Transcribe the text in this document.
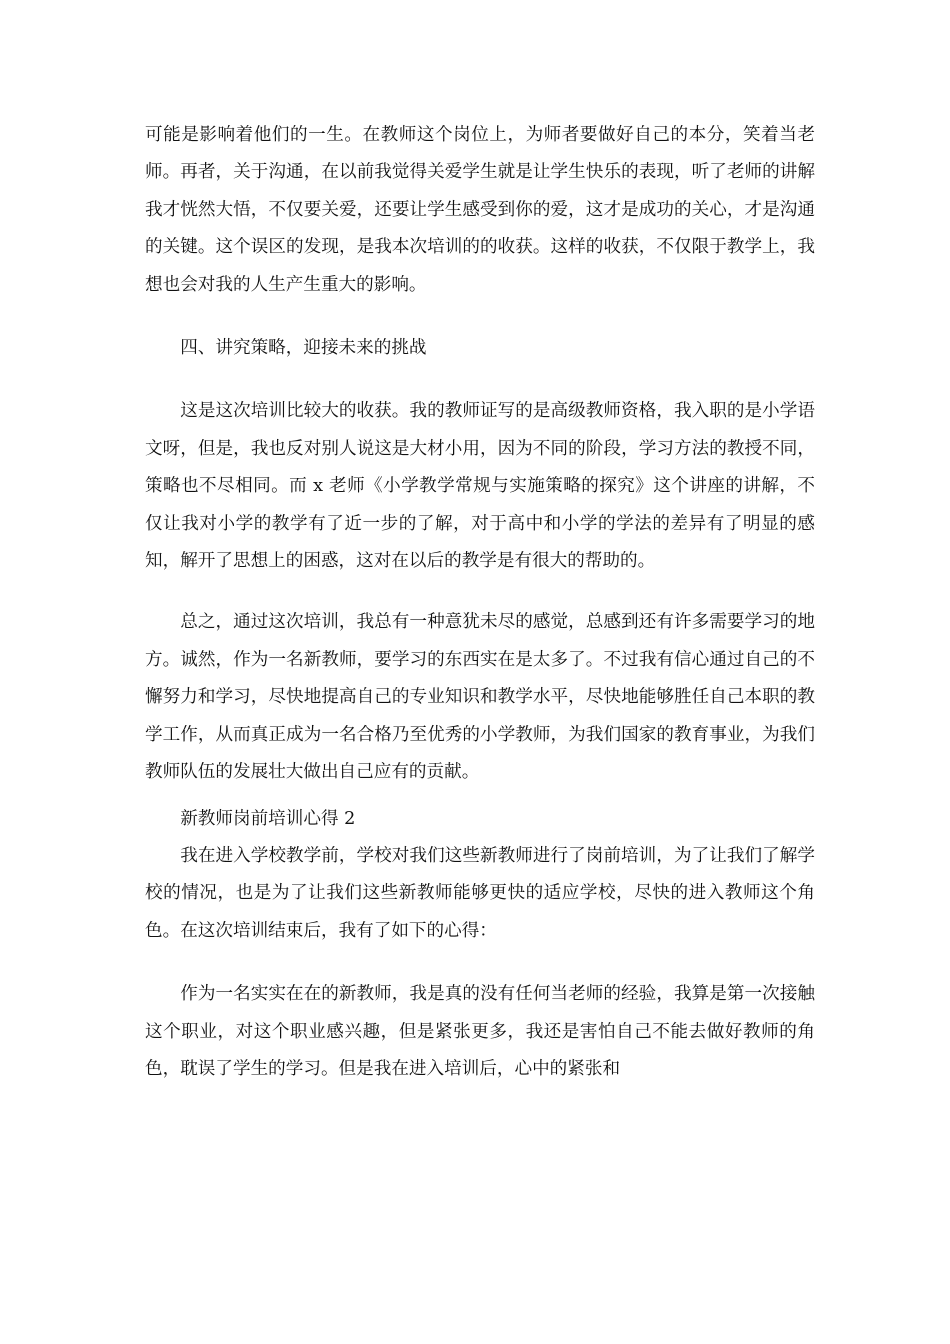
可能是影响着他们的一生。在教师这个岗位上，为师者要做好自己的本分，笑着当老师。再者，关于沟通，在以前我觉得关爱学生就是让学生快乐的表现，听了老师的讲解我才恍然大悟，不仅要关爱，还要让学生感受到你的爱，这才是成功的关心，才是沟通的关键。这个误区的发现，是我本次培训的的收获。这样的收获，不仅限于教学上，我想也会对我的人生产生重大的影响。

四、讲究策略，迎接未来的挑战

这是这次培训比较大的收获。我的教师证写的是高级教师资格，我入职的是小学语文呀，但是，我也反对别人说这是大材小用，因为不同的阶段，学习方法的教授不同，策略也不尽相同。而 x 老师《小学教学常规与实施策略的探究》这个讲座的讲解，不仅让我对小学的教学有了近一步的了解，对于高中和小学的学法的差异有了明显的感知，解开了思想上的困惑，这对在以后的教学是有很大的帮助的。

总之，通过这次培训，我总有一种意犹未尽的感觉，总感到还有许多需要学习的地方。诚然，作为一名新教师，要学习的东西实在是太多了。不过我有信心通过自己的不懈努力和学习，尽快地提高自己的专业知识和教学水平，尽快地能够胜任自己本职的教学工作，从而真正成为一名合格乃至优秀的小学教师，为我们国家的教育事业，为我们教师队伍的发展壮大做出自己应有的贡献。

新教师岗前培训心得 2

我在进入学校教学前，学校对我们这些新教师进行了岗前培训，为了让我们了解学校的情况，也是为了让我们这些新教师能够更快的适应学校，尽快的进入教师这个角色。在这次培训结束后，我有了如下的心得：

作为一名实实在在的新教师，我是真的没有任何当老师的经验，我算是第一次接触这个职业，对这个职业感兴趣，但是紧张更多，我还是害怕自己不能去做好教师的角色，耽误了学生的学习。但是我在进入培训后，心中的紧张和
